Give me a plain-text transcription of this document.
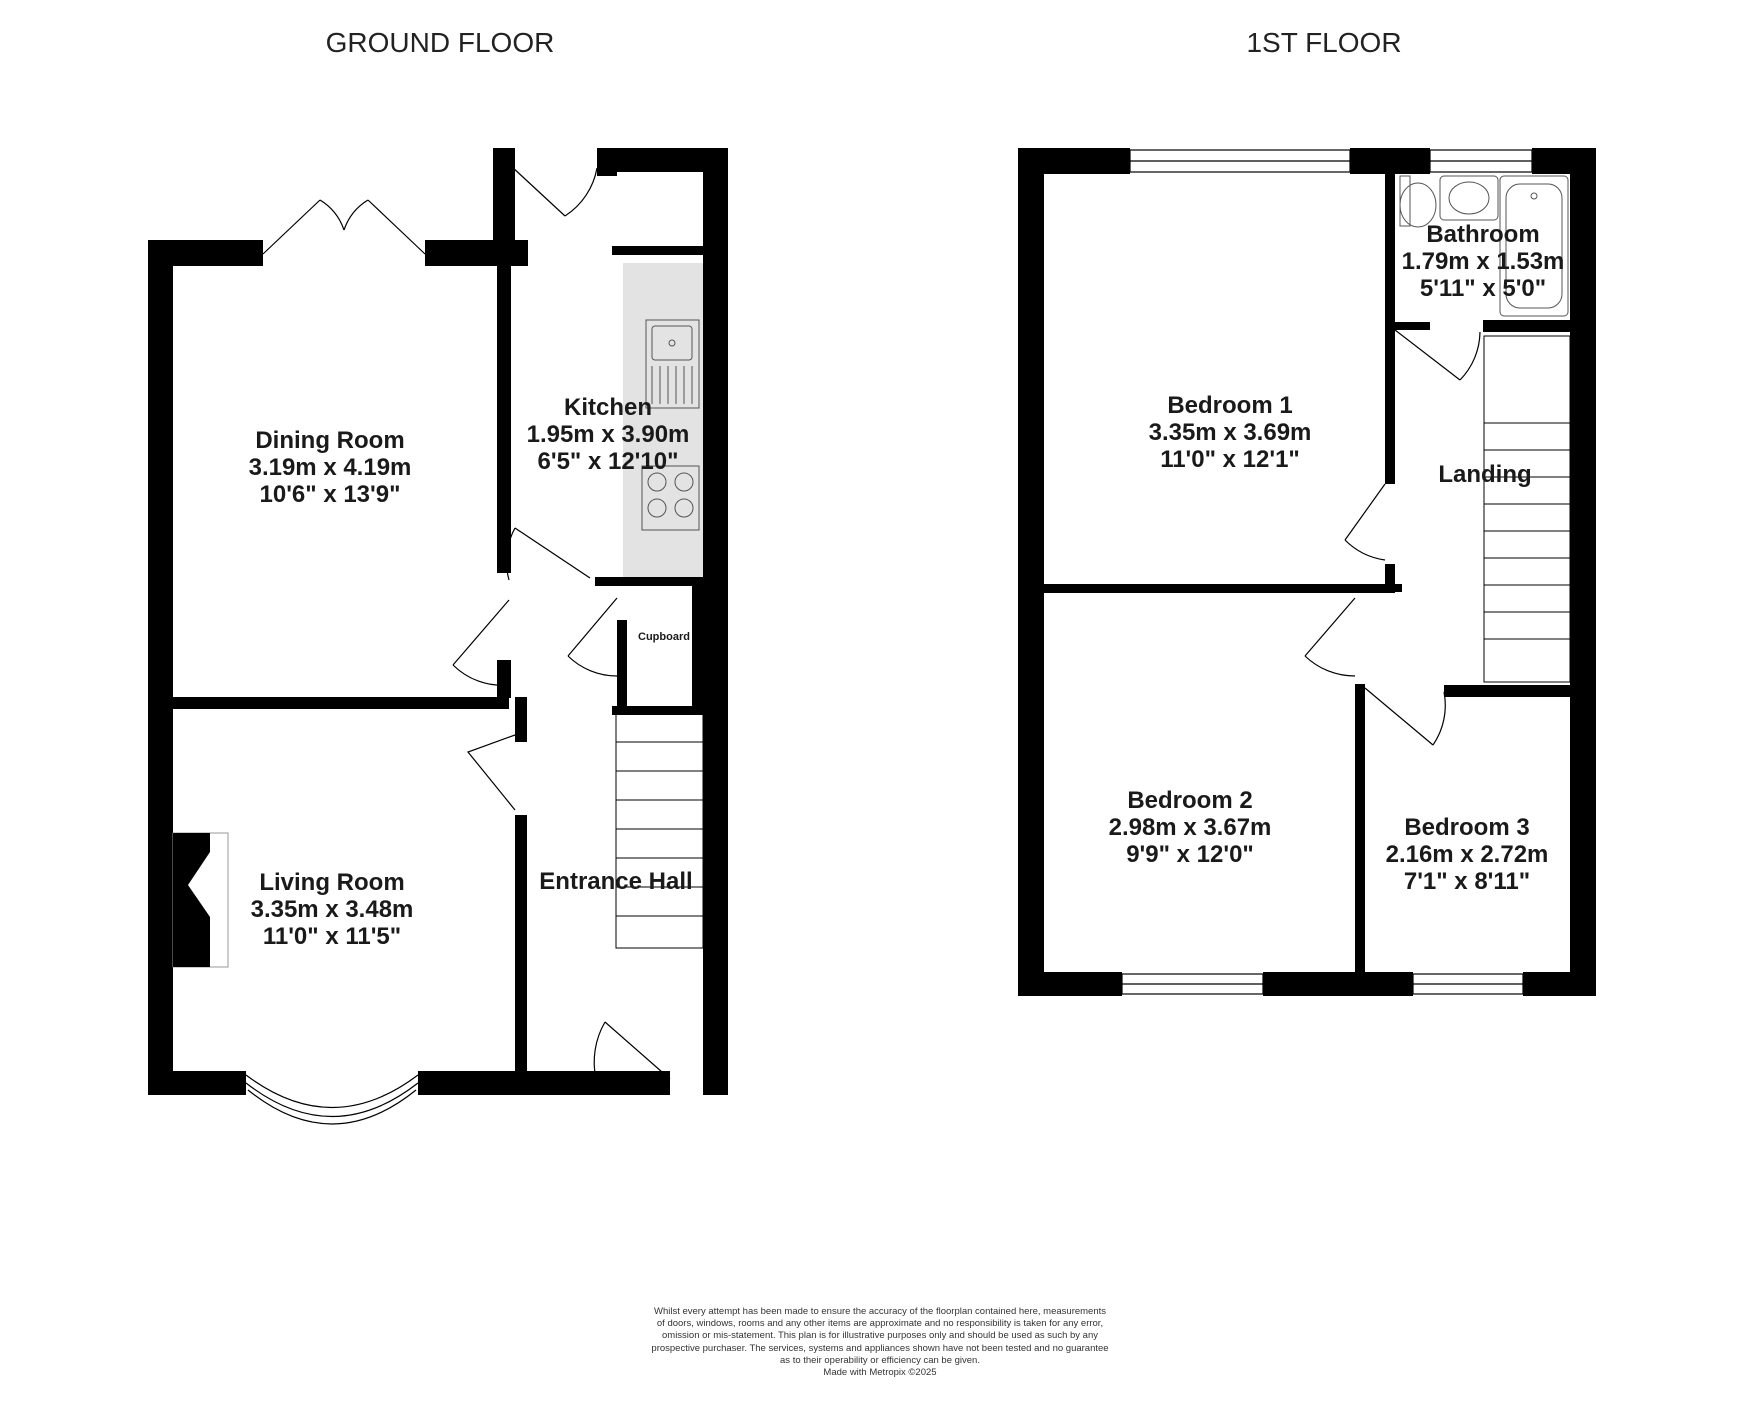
GROUND FLOOR	1ST FLOOR
Dining Room
3.19m x 4.19m
10'6" x 13'9"
Kitchen
1.95m x 3.90m
6'5" x 12'10"
Living Room
3.35m x 3.48m
11'0" x 11'5"
Entrance Hall
Cupboard
Bedroom 1
3.35m x 3.69m
11'0" x 12'1"
Bathroom
1.79m x 1.53m
5'11" x 5'0"
Landing
Bedroom 2
2.98m x 3.67m
9'9" x 12'0"
Bedroom 3
2.16m x 2.72m
7'1" x 8'11"
Whilst every attempt has been made to ensure the accuracy of the floorplan contained here, measurements
of doors, windows, rooms and any other items are approximate and no responsibility is taken for any error,
omission or mis-statement. This plan is for illustrative purposes only and should be used as such by any
prospective purchaser. The services, systems and appliances shown have not been tested and no guarantee
as to their operability or efficiency can be given.
Made with Metropix ©2025
